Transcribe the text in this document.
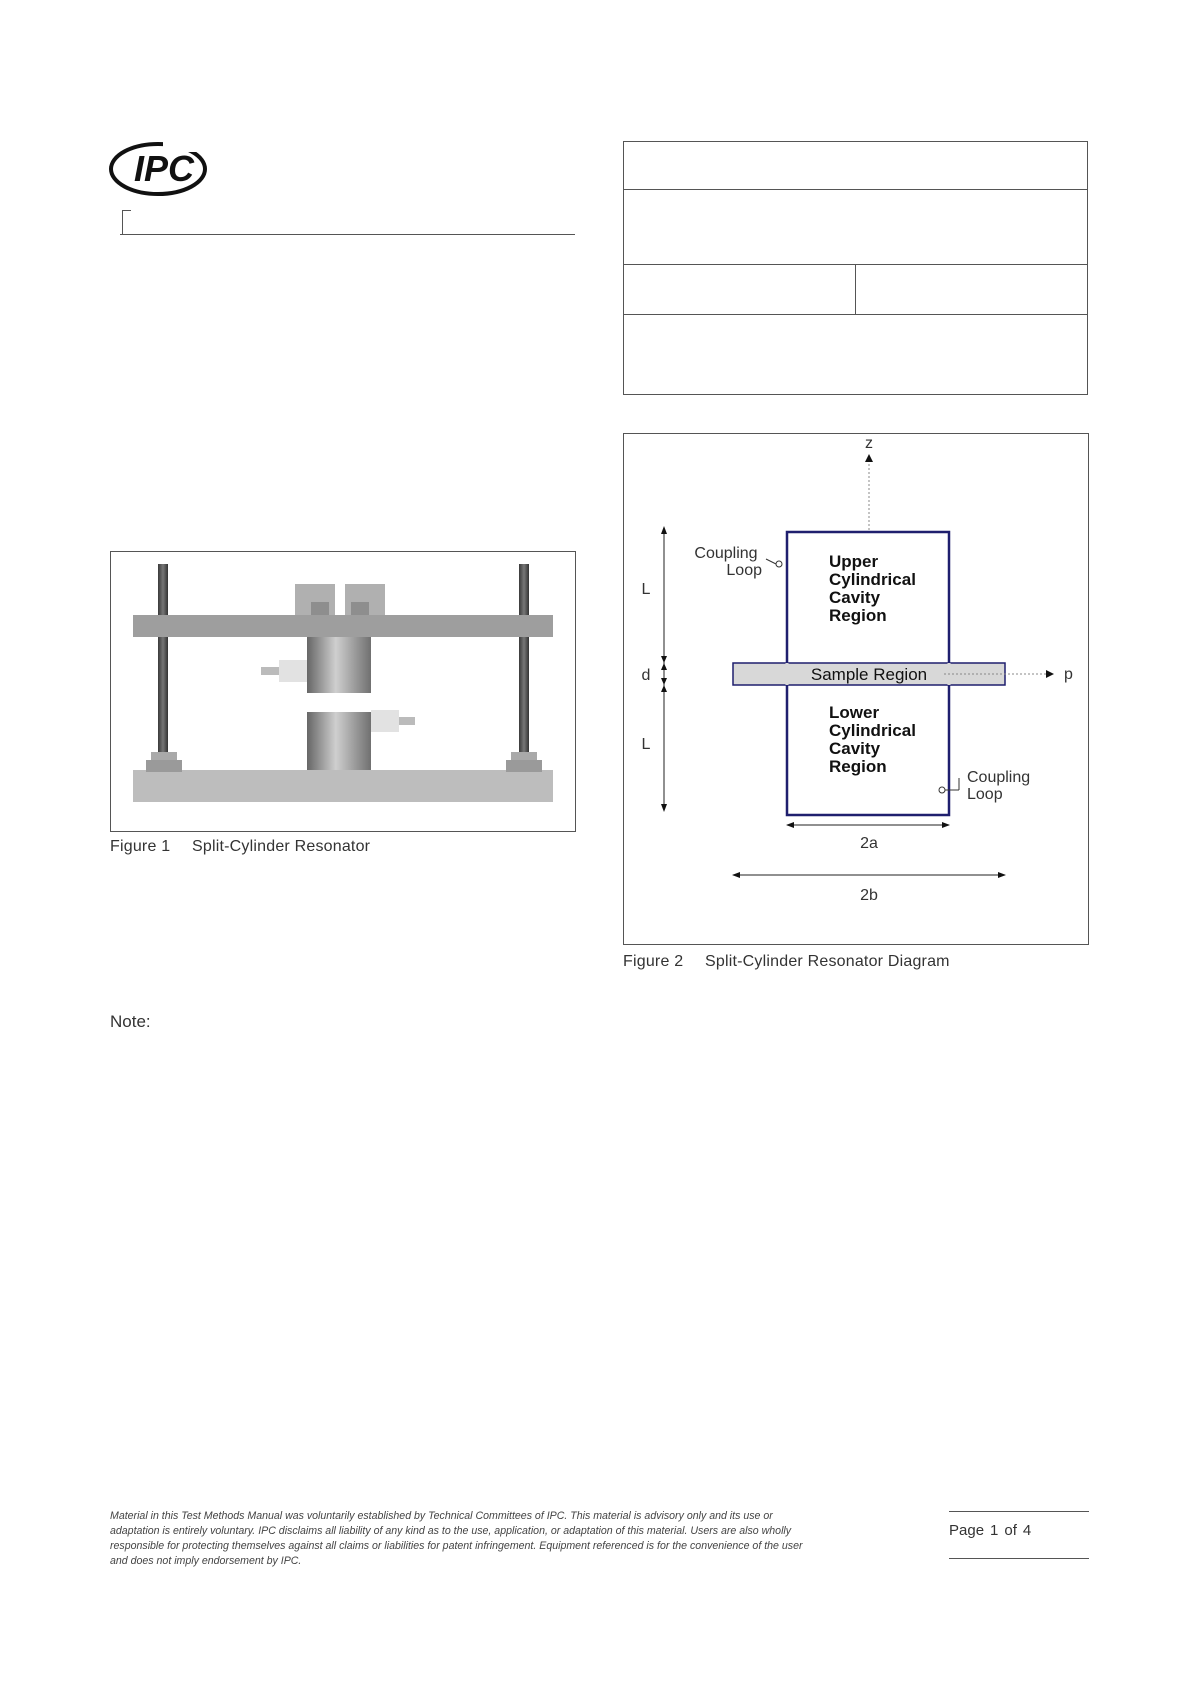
IPC
Figure 1 Split-Cylinder Resonator
z
Sample Region	p
Upper Cylindrical Cavity Region
Lower Cylindrical Cavity Region
Coupling Loop
Coupling Loop
L
d
L
2a
2b
Figure 2 Split-Cylinder Resonator Diagram
Note:
Material in this Test Methods Manual was voluntarily established by Technical Committees of IPC. This material is advisory only and its use or adaptation is entirely voluntary. IPC disclaims all liability of any kind as to the use, application, or adaptation of this material. Users are also wholly responsible for protecting themselves against all claims or liabilities for patent infringement. Equipment referenced is for the convenience of the user and does not imply endorsement by IPC.
Page 1 of 4
